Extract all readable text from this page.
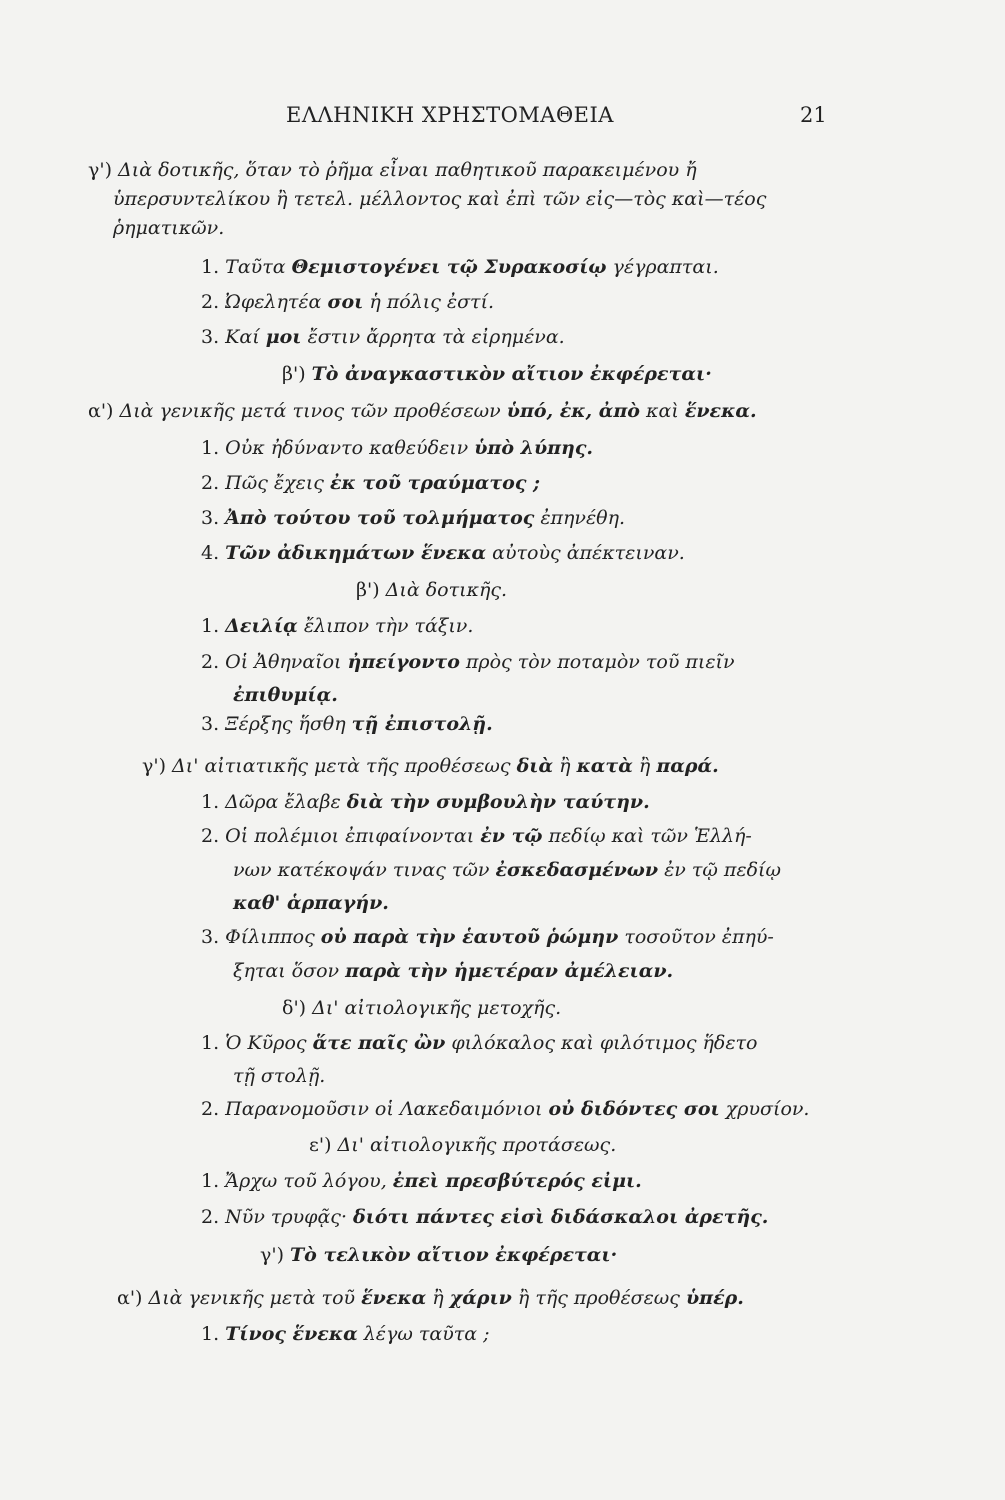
ΕΛΛΗΝΙΚΗ ΧΡΗΣΤΟΜΑΘΕΙΑ	21
γ') Διὰ δοτικῆς, ὅταν τὸ ῥῆμα εἶναι παθητικοῦ παρακειμένου ἤ
ὑπερσυντελίκου ἢ τετελ. μέλλοντος καὶ ἐπὶ τῶν εἰς—τὸς καὶ—τέος
ῥηματικῶν.
1. Ταῦτα Θεμιστογένει τῷ Συρακοσίῳ γέγραπται.
2. Ὠφελητέα σοι ἡ πόλις ἐστί.
3. Καί μοι ἔστιν ἄρρητα τὰ εἰρημένα.
β') Τὸ ἀναγκαστικὸν αἴτιον ἐκφέρεται·
α') Διὰ γενικῆς μετά τινος τῶν προθέσεων ὑπό, ἐκ, ἀπὸ καὶ ἕνεκα.
1. Οὐκ ἠδύναντο καθεύδειν ὑπὸ λύπης.
2. Πῶς ἔχεις ἐκ τοῦ τραύματος ;
3. Ἀπὸ τούτου τοῦ τολμήματος ἐπηνέθη.
4. Τῶν ἀδικημάτων ἕνεκα αὐτοὺς ἀπέκτειναν.
β') Διὰ δοτικῆς.
1. Δειλίᾳ ἔλιπον τὴν τάξιν.
2. Οἱ Ἀθηναῖοι ἠπείγοντο πρὸς τὸν ποταμὸν τοῦ πιεῖν
ἐπιθυμίᾳ.
3. Ξέρξης ἥσθη τῇ ἐπιστολῇ.
γ') Δι' αἰτιατικῆς μετὰ τῆς προθέσεως διὰ ἢ κατὰ ἢ παρά.
1. Δῶρα ἔλαβε διὰ τὴν συμβουλὴν ταύτην.
2. Οἱ πολέμιοι ἐπιφαίνονται ἐν τῷ πεδίῳ καὶ τῶν Ἑλλή-
νων κατέκοψάν τινας τῶν ἐσκεδασμένων ἐν τῷ πεδίῳ
καθ' ἁρπαγήν.
3. Φίλιππος οὐ παρὰ τὴν ἑαυτοῦ ῥώμην τοσοῦτον ἐπηύ-
ξηται ὅσον παρὰ τὴν ἡμετέραν ἀμέλειαν.
δ') Δι' αἰτιολογικῆς μετοχῆς.
1. Ὁ Κῦρος ἅτε παῖς ὢν φιλόκαλος καὶ φιλότιμος ἥδετο
τῇ στολῇ.
2. Παρανομοῦσιν οἱ Λακεδαιμόνιοι οὐ διδόντες σοι χρυσίον.
ε') Δι' αἰτιολογικῆς προτάσεως.
1. Ἄρχω τοῦ λόγου, ἐπεὶ πρεσβύτερός εἰμι.
2. Νῦν τρυφᾷς· διότι πάντες εἰσὶ διδάσκαλοι ἀρετῆς.
γ') Τὸ τελικὸν αἴτιον ἐκφέρεται·
α') Διὰ γενικῆς μετὰ τοῦ ἕνεκα ἢ χάριν ἢ τῆς προθέσεως ὑπέρ.
1. Τίνος ἕνεκα λέγω ταῦτα ;
